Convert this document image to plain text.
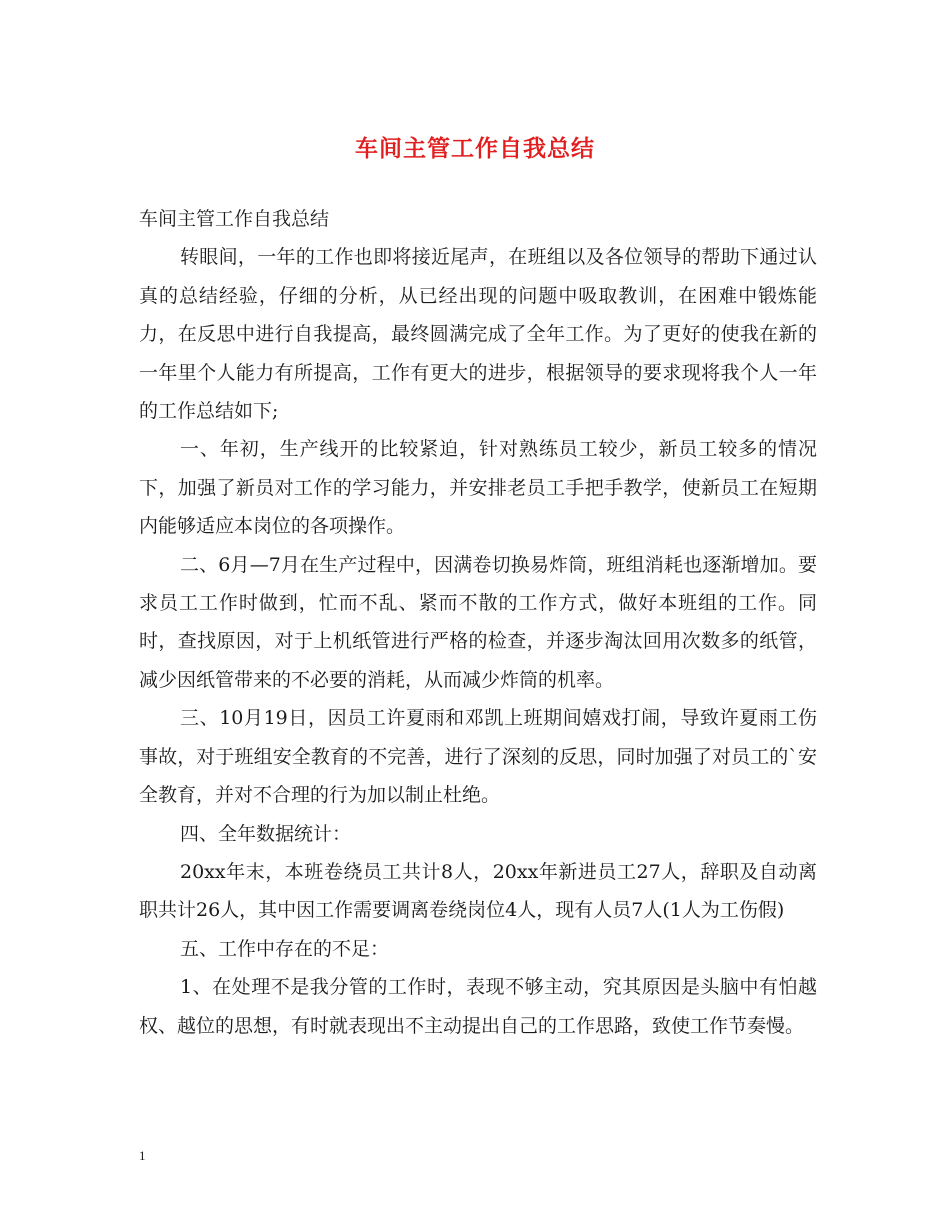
车间主管工作自我总结

车间主管工作自我总结

转眼间，一年的工作也即将接近尾声，在班组以及各位领导的帮助下通过认真的总结经验，仔细的分析，从已经出现的问题中吸取教训，在困难中锻炼能力，在反思中进行自我提高，最终圆满完成了全年工作。为了更好的使我在新的一年里个人能力有所提高，工作有更大的进步，根据领导的要求现将我个人一年的工作总结如下;

一、年初，生产线开的比较紧迫，针对熟练员工较少，新员工较多的情况下，加强了新员对工作的学习能力，并安排老员工手把手教学，使新员工在短期内能够适应本岗位的各项操作。

二、6月—7月在生产过程中，因满卷切换易炸筒，班组消耗也逐渐增加。要求员工工作时做到，忙而不乱、紧而不散的工作方式，做好本班组的工作。同时，查找原因，对于上机纸管进行严格的检查，并逐步淘汰回用次数多的纸管，减少因纸管带来的不必要的消耗，从而减少炸筒的机率。

三、10月19日，因员工许夏雨和邓凯上班期间嬉戏打闹，导致许夏雨工伤事故，对于班组安全教育的不完善，进行了深刻的反思，同时加强了对员工的`安全教育，并对不合理的行为加以制止杜绝。

四、全年数据统计：

20xx年末，本班卷绕员工共计8人，20xx年新进员工27人，辞职及自动离职共计26人，其中因工作需要调离卷绕岗位4人，现有人员7人(1人为工伤假)

五、工作中存在的不足：

1、在处理不是我分管的工作时，表现不够主动，究其原因是头脑中有怕越权、越位的思想，有时就表现出不主动提出自己的工作思路，致使工作节奏慢。

1
